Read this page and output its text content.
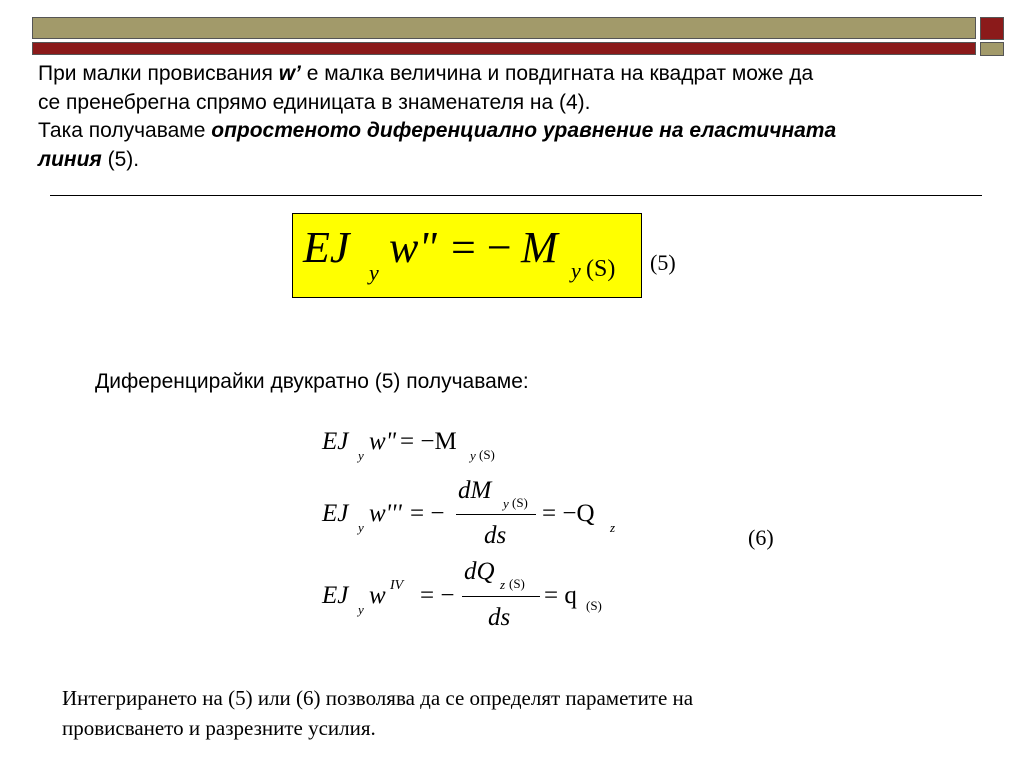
При малки провисвания w’ е малка величина и повдигната на квадрат може да

се пренебрегна спрямо единицата в знаменателя на (4).

Така получаваме опростеното диференциално уравнение на еластичната

линия (5).

EJ
y
w" = − M y (S) (5)
Диференцирайки двукратно (5) получаваме:
EJ
y
w" = −M
y (S)
EJ
y
w''' = −
dM y (S)
ds
= −Q
z	(6)
EJ
y
w IV = −
dQ z (S)
ds
= q (S)

Интегрирането на (5) или (6) позволява да се определят параметите на

провисването и разрезните усилия.
